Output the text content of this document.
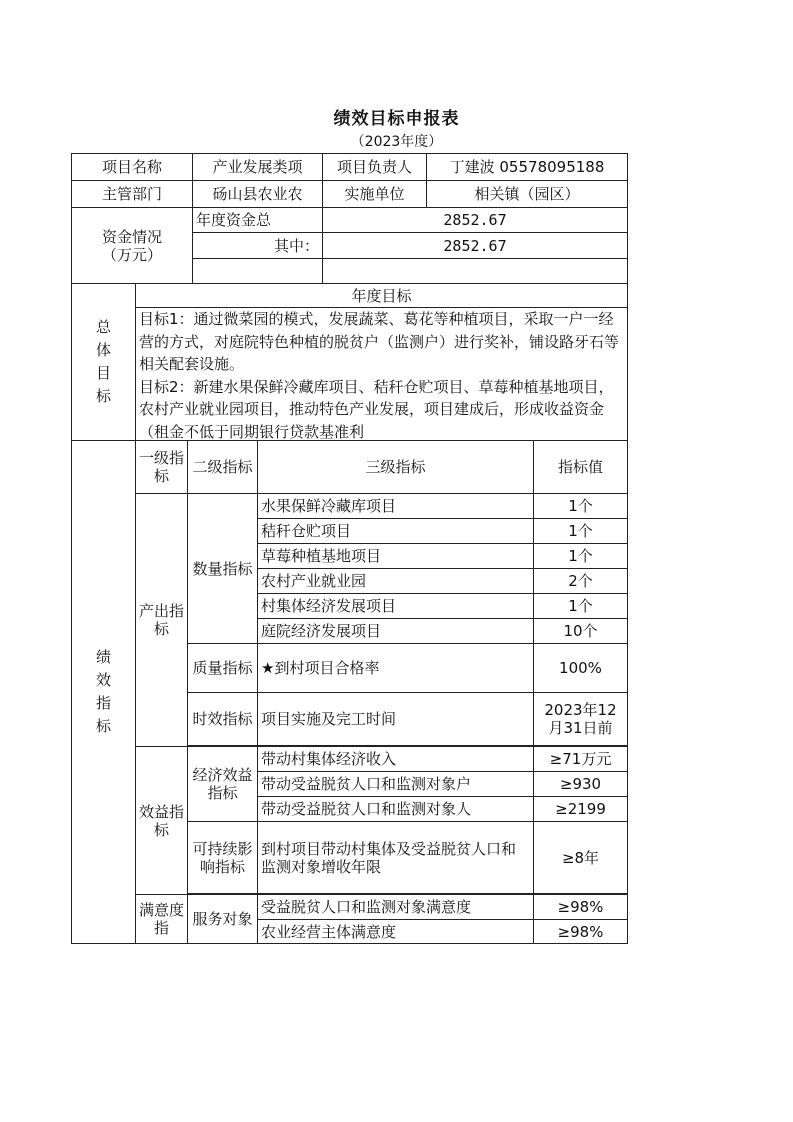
绩效目标申报表
（2023年度）
项目名称	产业发展类项	项目负责人	丁建波 05578095188
主管部门	砀山县农业农	实施单位	相关镇（园区）
资金情况（万元）	年度资金总	2852.67	
	其中：	2852.67	

总体目标	年度目标

目标1：通过微菜园的模式，发展蔬菜、葛花等种植项目，采取一户一经营的方式，对庭院特色种植的脱贫户（监测户）进行奖补，铺设路牙石等相关配套设施。
目标2：新建水果保鲜冷藏库项目、秸秆仓贮项目、草莓种植基地项目，农村产业就业园项目，推动特色产业发展，项目建成后，形成收益资金（租金不低于同期银行贷款基准利
绩效指标	一级指标	二级指标	三级指标	指标值
	产出指标	数量指标	水果保鲜冷藏库项目	1个
			秸秆仓贮项目	1个
			草莓种植基地项目	1个
			农村产业就业园	2个
			村集体经济发展项目	1个
			庭院经济发展项目	10个
		质量指标	★到村项目合格率	100%
		时效指标	项目实施及完工时间	2023年12月31日前

	效益指标	经济效益指标	带动村集体经济收入	≥71万元
			带动受益脱贫人口和监测对象户	≥930
			带动受益脱贫人口和监测对象人	≥2199
		可持续影响指标	到村项目带动村集体及受益脱贫人口和监测对象增收年限	≥8年

	满意度指	服务对象	受益脱贫人口和监测对象满意度	≥98%
			农业经营主体满意度	≥98%
